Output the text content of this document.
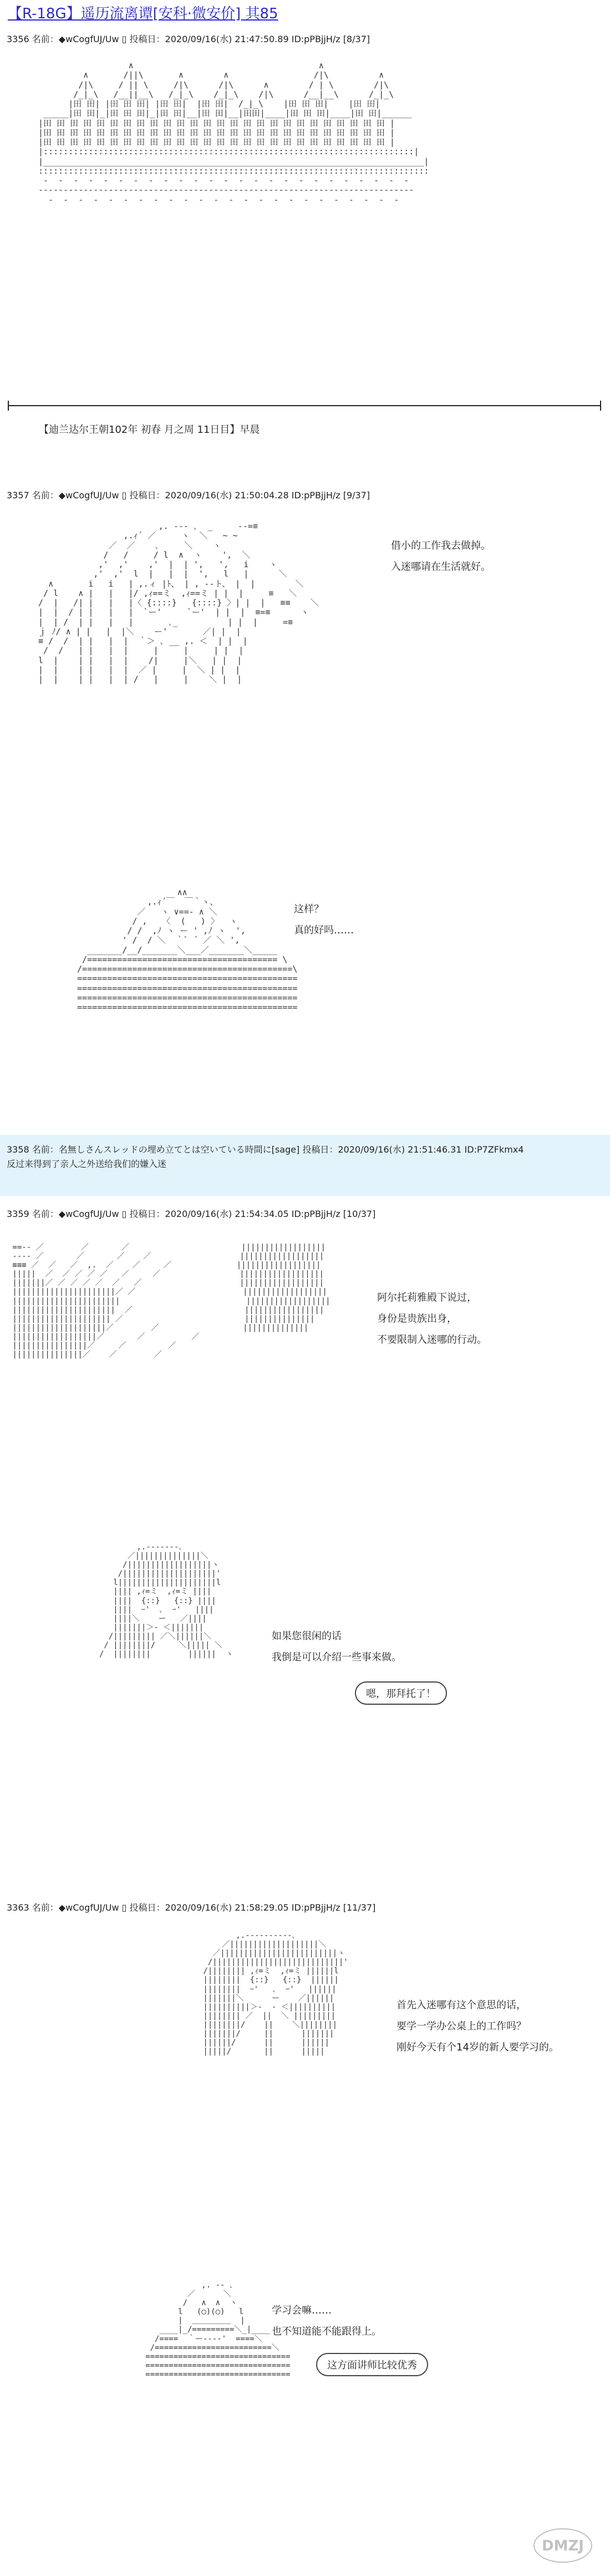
【R-18G】遥历流离谭[安科·微安价] 其85
3356 名前：◆wCogfUJ/Uw ▯ 投稿日：2020/09/16(水) 21:47:50.89 ID:pPBjjH/z [8/37]
∧                                     ∧
∧       /||\       ∧        ∧                 /|\          ∧
/|\     / || \     /|\      /|\      ∧        / | \        /|\
/_|_\   /__||__\   /_|_\    /_|_\    /|\      /__|__\      /_|_\
|田 田| |田 田 田| |田 田|  |田 田|  /_|_\    |田 田 田|    |田 田|
_____|田 田|_|田 田 田|_|田 田|__|田 田|__|田田|____|田 田 田|____|田 田|______
|田 田 田 田 田 田 田 田 田 田 田 田 田 田 田 田 田 田 田 田 田 田 田 田 田 田 |
|田 田 田 田 田 田 田 田 田 田 田 田 田 田 田 田 田 田 田 田 田 田 田 田 田 田 |
|田 田 田 田 田 田 田 田 田 田 田 田 田 田 田 田 田 田 田 田 田 田 田 田 田 田 |
|::::::::::::::::::::::::::::::::::::::::::::::::::::::::::::::::::::::::::|
|____________________________________________________________________________|
::::::::::::::::::::::::::::::::::::::::::::::::::::::::::::::::::::::::::::::
-  -  -  -  -  -  -  -  -  -  -  -  -  -  -  -  -  -  -  -  -  -  -  -  -
---------------------------------------------------------------------------
-  -  -  -  -  -  -  -  -  -  -  -  -  -  -  -  -  -  -  -  -  -  -  -

【迪兰达尔王朝102年 初春 月之周 11日目】早晨
3357 名前：◆wCogfUJ/Uw ▯ 投稿日：2020/09/16(水) 21:50:04.28 ID:pPBjjH/z [9/37]
,. -‐‐ ､  _     ‐-=≡
,.ｨ´ ／     ヽ  ＼   ~ ~
／  ／    ､     ＼    ヽ
/   /     / l  ∧  ヽ    ',  ＼
,'  ,'    ,'  |  | ',   ',   i    ヽ
,'  ,'  l  |   |  |  ',   l   |      ＼
∧       i   i   | ,.ィ |ﾄ、 | , -‐ト、 |  |        ＼
/ l    ∧ |   |   |/ ,ｨ==ミ  ,ｨ==ミ | |  |     ≡   ＼
/  |   /| |   |   |〈 {::::}   {::::} 〉| |  |   ≡≡    ＼
|  |  / | |   |   |  `ー'     `ー'  | |  |  ≡=≡      ヽ
|  | /  | |   |   |       ､_          | |  |     =≡
ｊ ﾉ/ ∧ | |   |  |＼    ー'       ／| |  |
≡ /  /  | |   |  |  ｀＞ ､ __ ,. ＜  | |  |
/  /   | |   |  |     |     |     | |  |
l  |    | |   |  |    /|     |＼   | |  |
|  |    | |   |  |  ／ |     |  ＼ | |  |
|  |    | |   |  | /   |     |    ＼ |  |

借小的工作我去做掉。
入迷哪请在生活就好。
∧∧
,.ｨ´￣  ￣｀ヽ、
／   ヽ ∨==- ∧ ＼
/ ,   〈  (   ) 〉  ヽ
/ /  ,ﾉ ヽ ー ' ,ﾉ ヽ  ',
' /  / ＼  ｀ﾞ ´ ／ ＼ ',
_______/__/_______＼___／_______＼_____
/====================================== \
/==========================================\
============================================
============================================
============================================
============================================

这样？
真的好吗……
3358 名前：名無しさんスレッドの埋め立てとは空いている時間に[sage] 投稿日：2020/09/16(水) 21:51:46.31 ID:P7ZFkmx4
反过来得到了亲人之外送给我们的嫌入迷
3359 名前：◆wCogfUJ/Uw ▯ 投稿日：2020/09/16(水) 21:54:34.05 ID:pPBjjH/z [10/37]
==-- ／        ／       ／                        ||||||||||||||||||
---- ／       ／       ／    ／                   ||||||||||||||||||
≡≡≡ ／  ／   ／  ,.  ／    ／     ／              ||||||||||||||||||
|||||  ／  ／ ／ ／ ／   ／     ／                 ||||||||||||||||||
|||||||／ ／ ／ ／ ／  ／   ／                     ||||||||||||||||||
||||||||||||||||||||||／ ／                       ||||||||||||||||||
|||||||||||||||||||||||                           ||||||||||||||||||
||||||||||||||||||||||  ／                        |||||||||||||||||
||||||||||||||||||||| ／                          |||||||||||||||
||||||||||||||||||||／        ／                  ||||||||||||||
||||||||||||||||||／       ／          ／
||||||||||||||||／     ／         ／
|||||||||||||||／    ／        ／

阿尔托莉雅殿下说过，
身份是贵族出身，
不要限制入迷哪的行动。
,.-‐‐‐‐‐-､
／||||||||||||||＼
/||||||||||||||||||ヽ
/||||||||||||||||||||'
l|||||||||||||||||||||l
|||| ,ｨ=ミ  ,ｨ=ミ ||||
||||  {::}   {::} ||||
||||  ｰ'  ､  ｰ'   ||||
||||＼    ー   ／||||
|||||||＞- ＜|||||||
/||||||||| ／＼||||||＼
/ ||||||||/     ＼||||| ＼
/  ||||||||        ||||||  ヽ

如果您很闲的话
我倒是可以介绍一些事来做。
嗯，那拜托了！
3363 名前：◆wCogfUJ/Uw ▯ 投稿日：2020/09/16(水) 21:58:29.05 ID:pPBjjH/z [11/37]
,.-‐‐‐‐‐‐‐‐-､
／|||||||||||||||||||＼
／|||||||||||||||||||||||||ヽ
/||||||||||||||||||||||||||||'
/|||||||| ,ｨ=ミ  ,ｨ=ミ ||||||l
||||||||  {::}   {::}  ||||||
||||||||  ｰ'   ､  ｰ'   ||||||
|||||||＼      ー    ／||||||
||||||||||＞-  - ＜||||||||||
|||||||| ／  ||  ＼ |||||||||
||||||||/    ||    ＼||||||||
|||||||/     ||      |||||||
||||||/      ||      ||||||
|||||/       ||      |||||

首先入迷哪有这个意思的话，
要学一学办公桌上的工作吗？
刚好今天有个14岁的新人要学习的。
,. ‐‐ ､
／      ＼
/   ∧  ∧  ヽ
l   (○)(○)   l
|  ＿＿＿＿＿  |
____|_/=========＼_|____
/====  ｀ー‐‐‐‐'  ====＼
/=========================＼
===============================
===============================
===============================

学习会嘛……
也不知道能不能跟得上。
这方面讲师比较优秀
DMZJ
